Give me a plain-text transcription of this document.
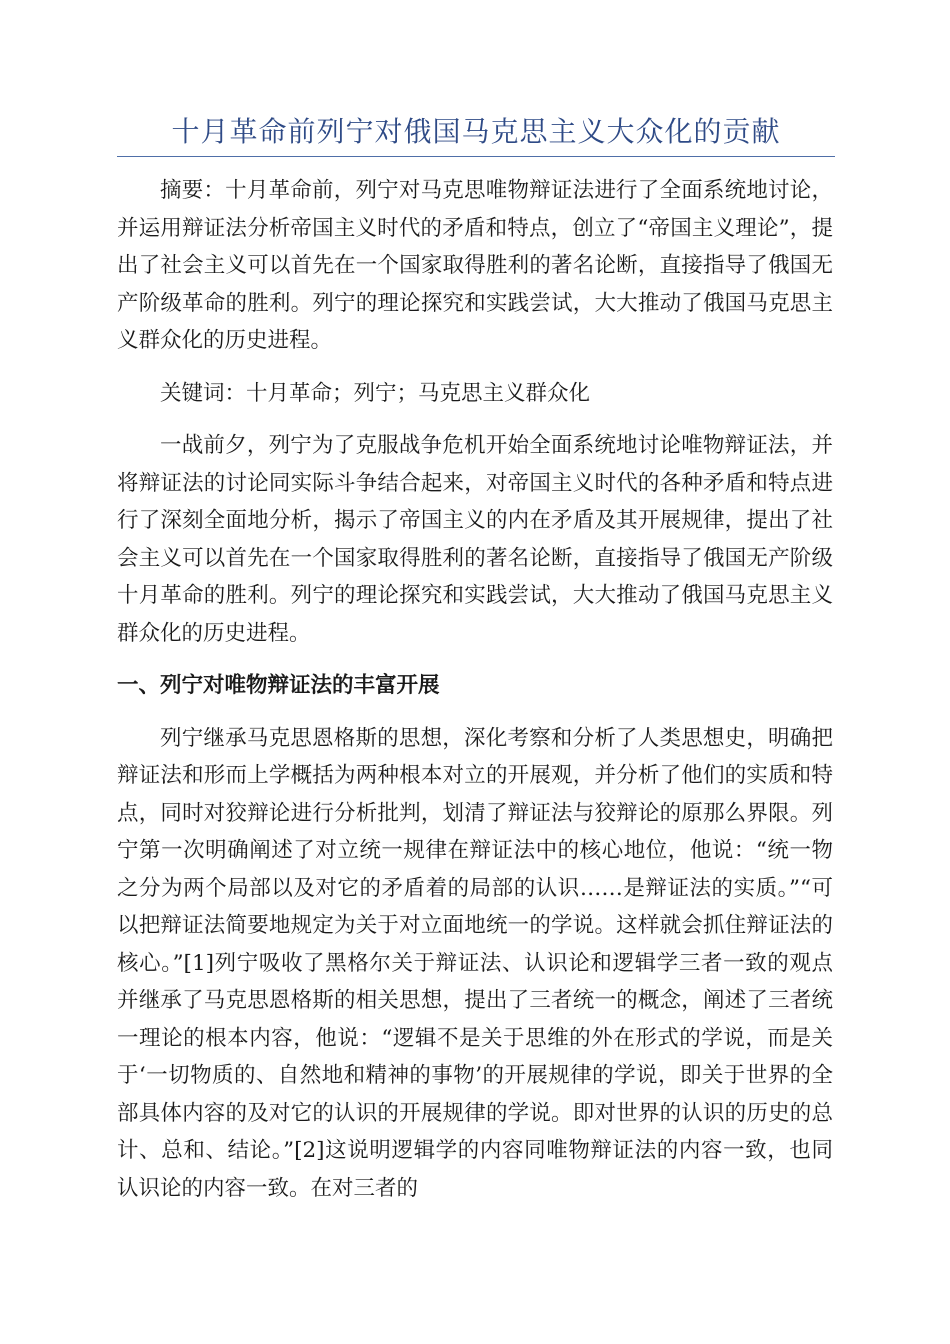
十月革命前列宁对俄国马克思主义大众化的贡献

摘要：十月革命前，列宁对马克思唯物辩证法进行了全面系统地讨论，并运用辩证法分析帝国主义时代的矛盾和特点，创立了“帝国主义理论”，提出了社会主义可以首先在一个国家取得胜利的著名论断，直接指导了俄国无产阶级革命的胜利。列宁的理论探究和实践尝试，大大推动了俄国马克思主义群众化的历史进程。

关键词：十月革命；列宁；马克思主义群众化

一战前夕，列宁为了克服战争危机开始全面系统地讨论唯物辩证法，并将辩证法的讨论同实际斗争结合起来，对帝国主义时代的各种矛盾和特点进行了深刻全面地分析，揭示了帝国主义的内在矛盾及其开展规律，提出了社会主义可以首先在一个国家取得胜利的著名论断，直接指导了俄国无产阶级十月革命的胜利。列宁的理论探究和实践尝试，大大推动了俄国马克思主义群众化的历史进程。

一、列宁对唯物辩证法的丰富开展

列宁继承马克思恩格斯的思想，深化考察和分析了人类思想史，明确把辩证法和形而上学概括为两种根本对立的开展观，并分析了他们的实质和特点，同时对狡辩论进行分析批判，划清了辩证法与狡辩论的原那么界限。列宁第一次明确阐述了对立统一规律在辩证法中的核心地位，他说：“统一物之分为两个局部以及对它的矛盾着的局部的认识……是辩证法的实质。”“可以把辩证法简要地规定为关于对立面地统一的学说。这样就会抓住辩证法的核心。”[1]列宁吸收了黑格尔关于辩证法、认识论和逻辑学三者一致的观点并继承了马克思恩格斯的相关思想，提出了三者统一的概念，阐述了三者统一理论的根本内容，他说：“逻辑不是关于思维的外在形式的学说，而是关于‘一切物质的、自然地和精神的事物’的开展规律的学说，即关于世界的全部具体内容的及对它的认识的开展规律的学说。即对世界的认识的历史的总计、总和、结论。”[2]这说明逻辑学的内容同唯物辩证法的内容一致，也同认识论的内容一致。在对三者的
